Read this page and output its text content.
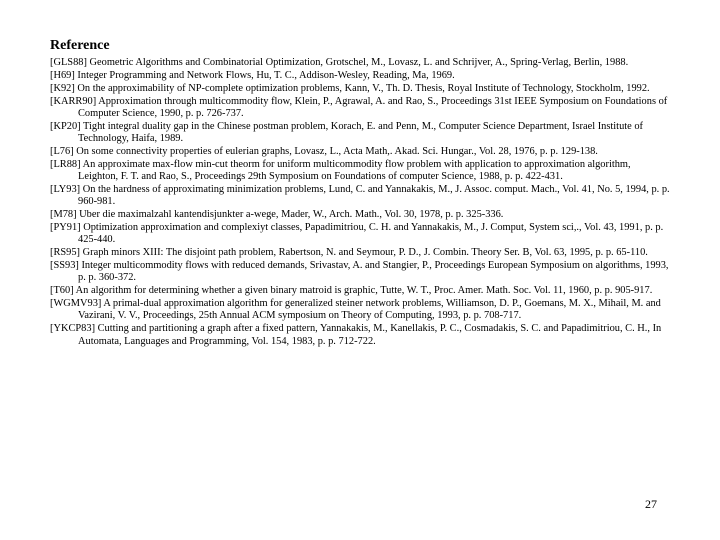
Reference
[GLS88] Geometric Algorithms and Combinatorial Optimization, Grotschel, M., Lovasz, L. and Schrijver, A., Spring-Verlag, Berlin, 1988.
[H69] Integer Programming and Network Flows, Hu, T. C., Addison-Wesley, Reading, Ma, 1969.
[K92] On the approximability of NP-complete optimization problems, Kann, V., Th. D. Thesis, Royal Institute of Technology, Stockholm, 1992.
[KARR90] Approximation through multicommodity flow, Klein, P., Agrawal, A. and Rao, S., Proceedings 31st IEEE Symposium on Foundations of Computer Science, 1990, p. p. 726-737.
[KP20] Tight integral duality gap in the Chinese postman problem, Korach, E. and Penn, M., Computer Science Department, Israel Institute of Technology, Haifa, 1989.
[L76] On some connectivity properties of eulerian graphs, Lovasz, L., Acta Math,. Akad. Sci. Hungar., Vol. 28, 1976, p. p. 129-138.
[LR88] An approximate max-flow min-cut theorm for uniform multicommodity flow problem with application to approximation algorithm, Leighton, F. T. and Rao, S., Proceedings 29th Symposium on Foundations of computer Science, 1988, p. p. 422-431.
[LY93] On the hardness of approximating minimization problems, Lund, C. and Yannakakis, M., J. Assoc. comput. Mach., Vol. 41, No. 5, 1994, p. p. 960-981.
[M78] Uber die maximalzahl kantendisjunkter a-wege, Mader, W., Arch. Math., Vol. 30, 1978, p. p. 325-336.
[PY91] Optimization approximation and complexiyt classes, Papadimitriou, C. H. and Yannakakis, M., J. Comput, System sci,., Vol. 43, 1991, p. p. 425-440.
[RS95] Graph minors XIII: The disjoint path problem, Rabertson, N. and Seymour, P. D., J. Combin. Theory Ser. B, Vol. 63, 1995, p. p. 65-110.
[SS93] Integer multicommodity flows with reduced demands, Srivastav, A. and Stangier, P., Proceedings European Symposium on algorithms, 1993, p. p. 360-372.
[T60] An algorithm for determining whether a given binary matroid is graphic, Tutte, W. T., Proc. Amer. Math. Soc. Vol. 11, 1960, p. p. 905-917.
[WGMV93] A primal-dual approximation algorithm for generalized steiner network problems, Williamson, D. P., Goemans, M. X., Mihail, M. and Vazirani, V. V., Proceedings, 25th Annual ACM symposium on Theory of Computing, 1993, p. p. 708-717.
[YKCP83] Cutting and partitioning a graph after a fixed pattern, Yannakakis, M., Kanellakis, P. C., Cosmadakis, S. C. and Papadimitriou, C. H., In Automata, Languages and Programming, Vol. 154, 1983, p. p. 712-722.
27
